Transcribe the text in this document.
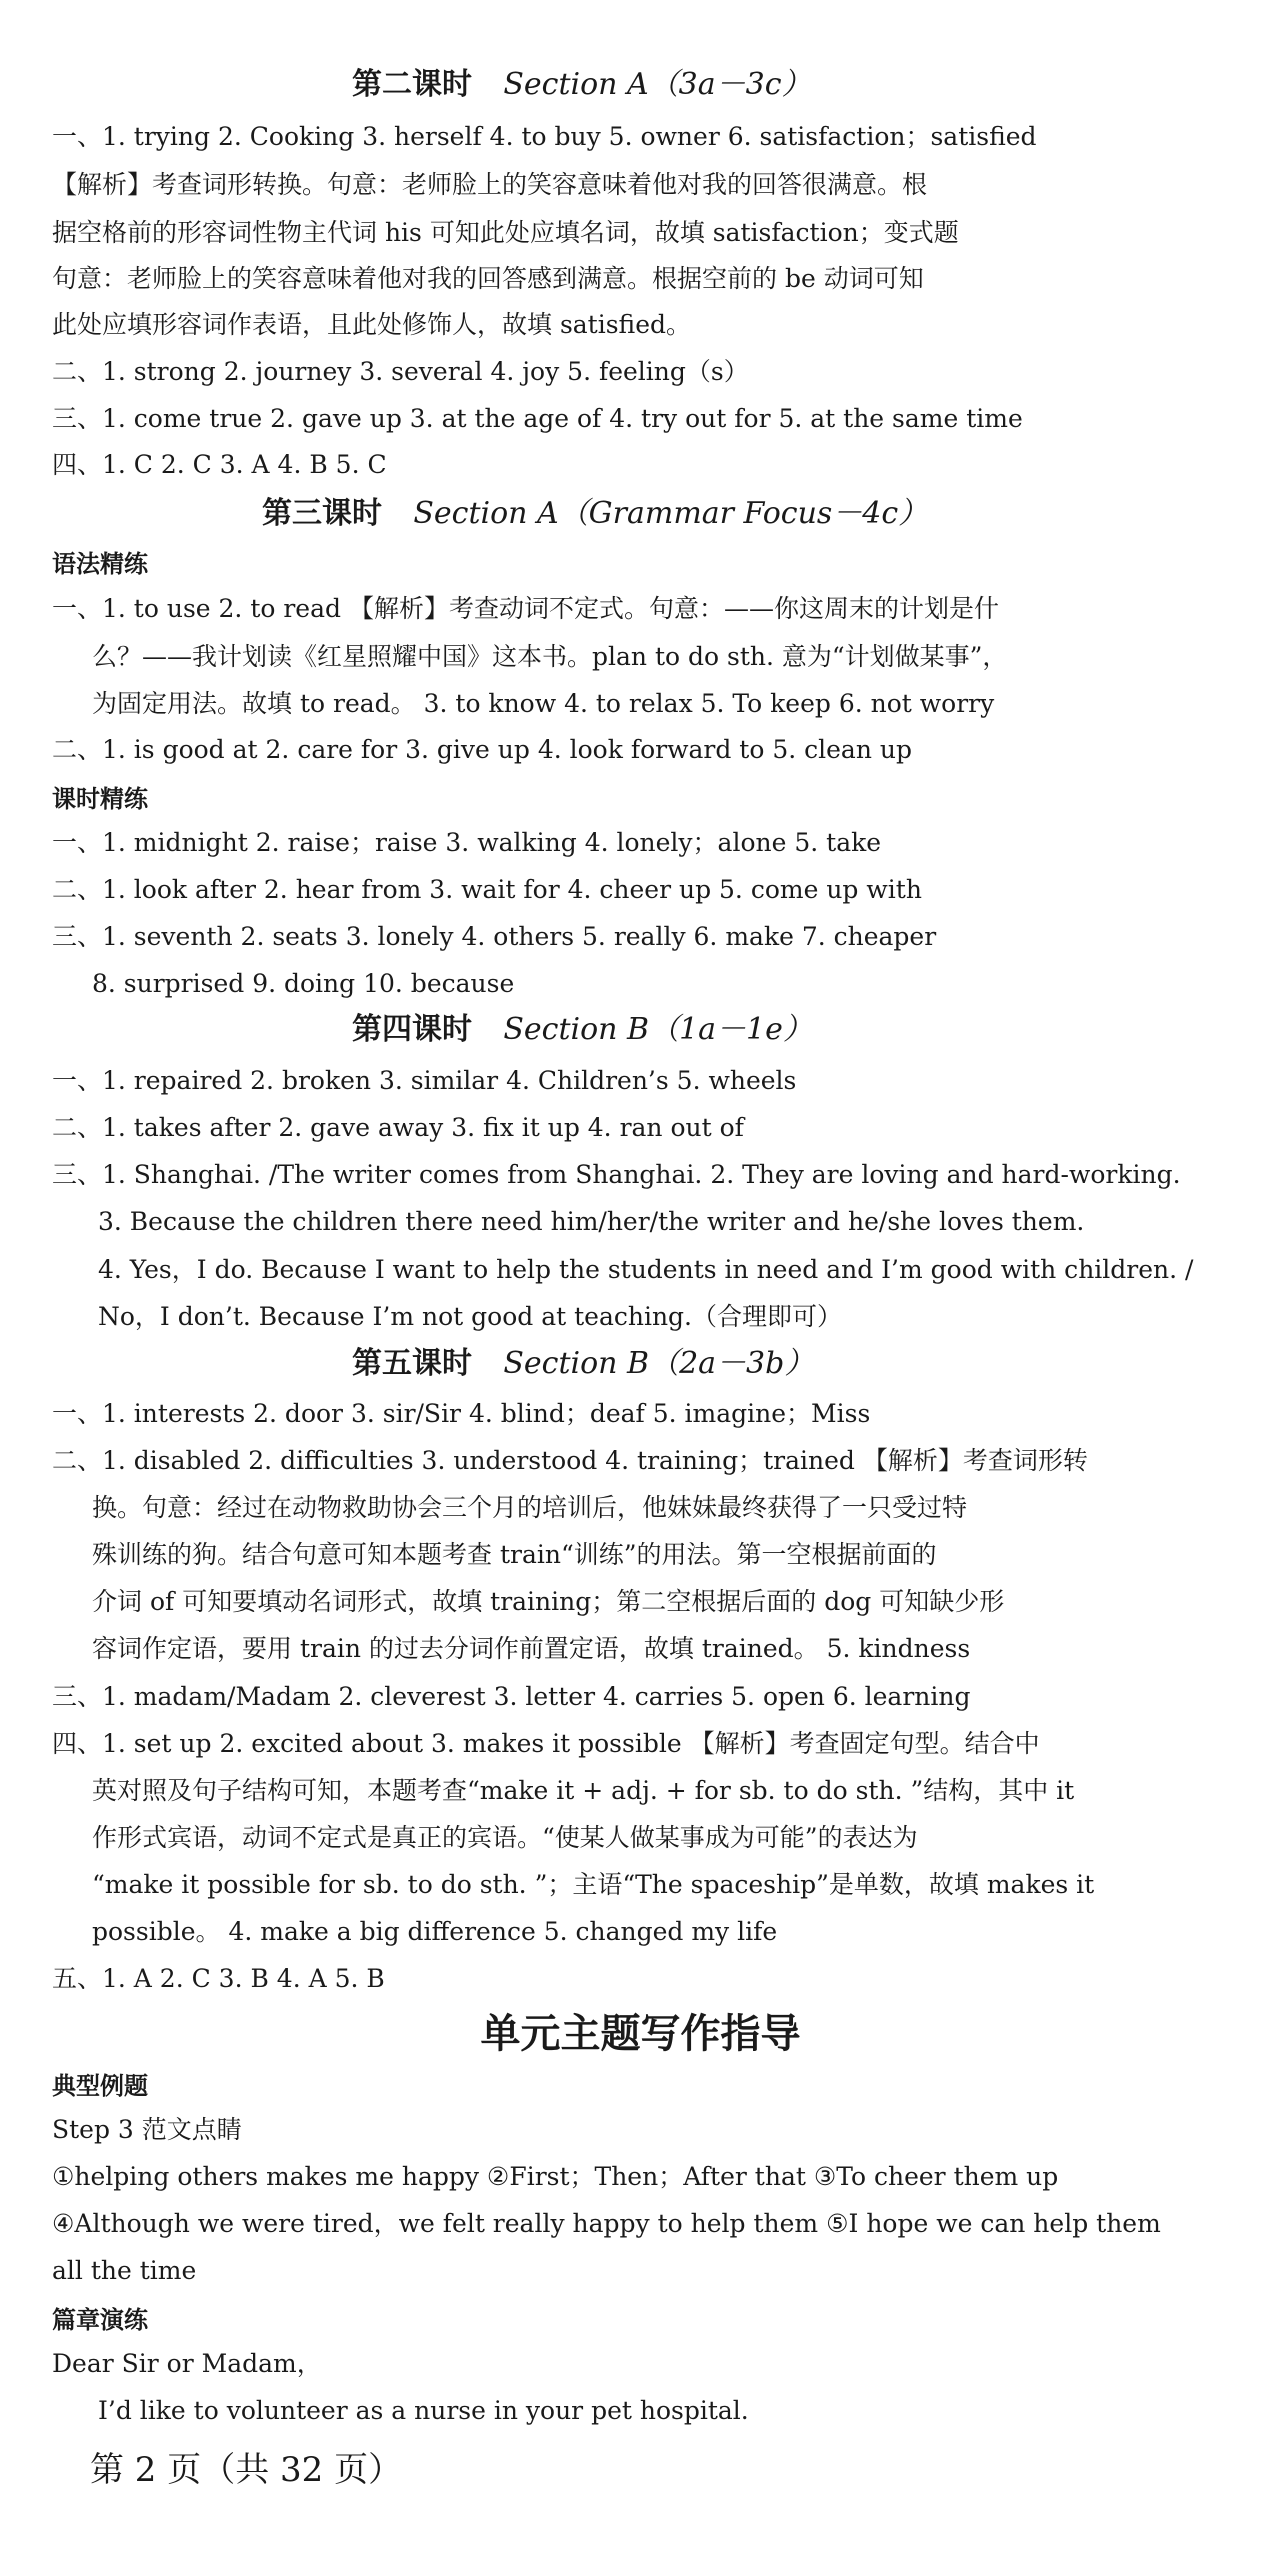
第二课时 Section A（3a－3c）
一、1. trying 2. Cooking 3. herself 4. to buy 5. owner 6. satisfaction；satisfied
【解析】考查词形转换。句意：老师脸上的笑容意味着他对我的回答很满意。根
据空格前的形容词性物主代词 his 可知此处应填名词，故填 satisfaction；变式题
句意：老师脸上的笑容意味着他对我的回答感到满意。根据空前的 be 动词可知
此处应填形容词作表语，且此处修饰人，故填 satisfied。
二、1. strong 2. journey 3. several 4. joy 5. feeling（s）
三、1. come true 2. gave up 3. at the age of 4. try out for 5. at the same time
四、1. C 2. C 3. A 4. B 5. C
第三课时 Section A（Grammar Focus－4c）
语法精练
一、1. to use 2. to read 【解析】考查动词不定式。句意：——你这周末的计划是什
么？——我计划读《红星照耀中国》这本书。plan to do sth. 意为“计划做某事”，
为固定用法。故填 to read。 3. to know 4. to relax 5. To keep 6. not worry
二、1. is good at 2. care for 3. give up 4. look forward to 5. clean up
课时精练
一、1. midnight 2. raise；raise 3. walking 4. lonely；alone 5. take
二、1. look after 2. hear from 3. wait for 4. cheer up 5. come up with
三、1. seventh 2. seats 3. lonely 4. others 5. really 6. make 7. cheaper
8. surprised 9. doing 10. because
第四课时 Section B（1a－1e）
一、1. repaired 2. broken 3. similar 4. Children’s 5. wheels
二、1. takes after 2. gave away 3. fix it up 4. ran out of
三、1. Shanghai. /The writer comes from Shanghai. 2. They are loving and hard-working.
3. Because the children there need him/her/the writer and he/she loves them.
4. Yes，I do. Because I want to help the students in need and I’m good with children. /
No，I don’t. Because I’m not good at teaching.（合理即可）
第五课时 Section B（2a－3b）
一、1. interests 2. door 3. sir/Sir 4. blind；deaf 5. imagine；Miss
二、1. disabled 2. difficulties 3. understood 4. training；trained 【解析】考查词形转
换。句意：经过在动物救助协会三个月的培训后，他妹妹最终获得了一只受过特
殊训练的狗。结合句意可知本题考查 train“训练”的用法。第一空根据前面的
介词 of 可知要填动名词形式，故填 training；第二空根据后面的 dog 可知缺少形
容词作定语，要用 train 的过去分词作前置定语，故填 trained。 5. kindness
三、1. madam/Madam 2. cleverest 3. letter 4. carries 5. open 6. learning
四、1. set up 2. excited about 3. makes it possible 【解析】考查固定句型。结合中
英对照及句子结构可知，本题考查“make it + adj. + for sb. to do sth. ”结构，其中 it
作形式宾语，动词不定式是真正的宾语。“使某人做某事成为可能”的表达为
“make it possible for sb. to do sth. ”；主语“The spaceship”是单数，故填 makes it
possible。 4. make a big difference 5. changed my life
五、1. A 2. C 3. B 4. A 5. B
单元主题写作指导
典型例题
Step 3 范文点睛
①helping others makes me happy ②First；Then；After that ③To cheer them up
④Although we were tired，we felt really happy to help them ⑤I hope we can help them
all the time
篇章演练
Dear Sir or Madam，
I’d like to volunteer as a nurse in your pet hospital.
第 2 页（共 32 页）
